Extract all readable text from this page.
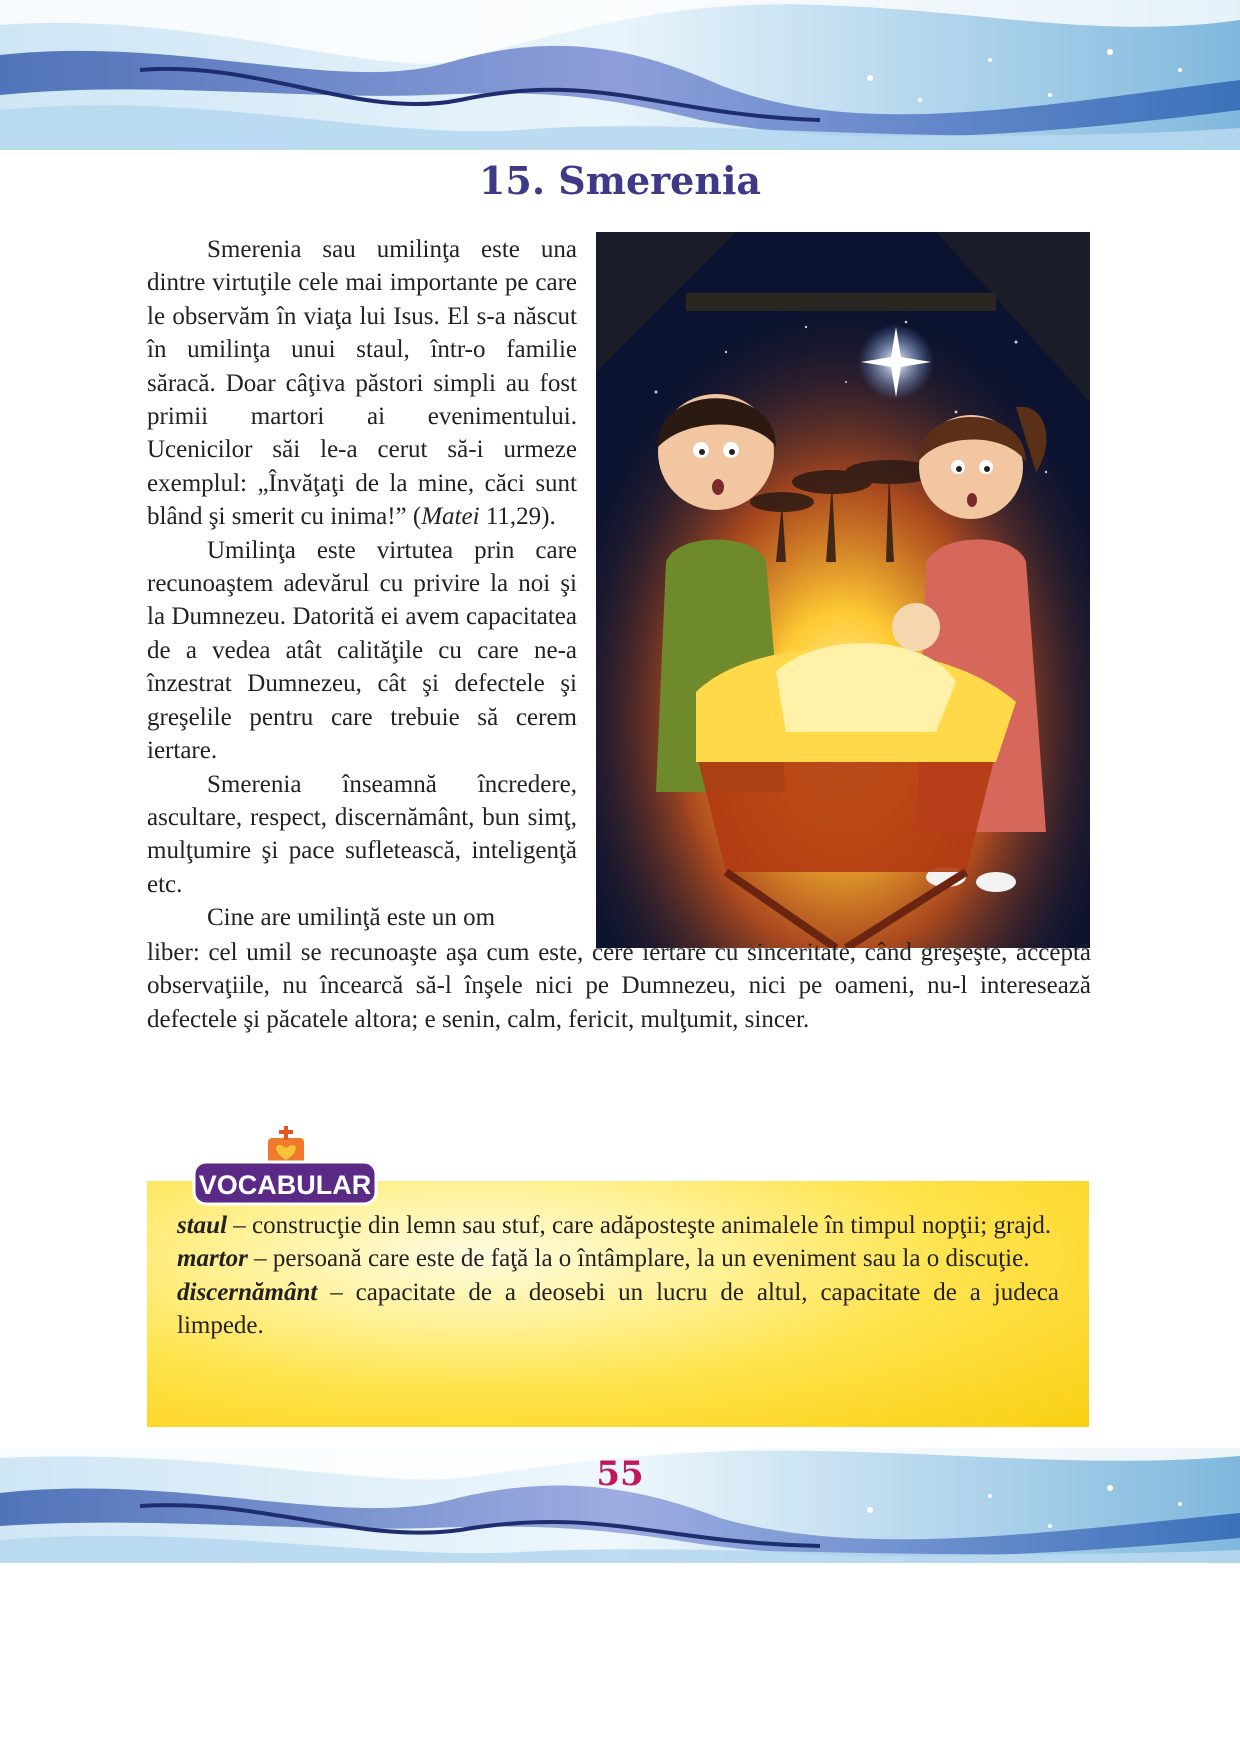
15. Smerenia

Smerenia sau umilinţa este una dintre virtuţile cele mai importante pe care le observăm în viaţa lui Isus. El s-a născut în umilinţa unui staul, într-o familie săracă. Doar câţiva păstori simpli au fost primii martori ai evenimentului. Ucenicilor săi le-a cerut să-i urmeze exemplul: „Învăţaţi de la mine, căci sunt blând şi smerit cu inima!” (Matei 11,29).

Umilinţa este virtutea prin care recunoaştem adevărul cu privire la noi şi la Dumnezeu. Datorită ei avem capacitatea de a vedea atât calităţile cu care ne-a înzestrat Dumnezeu, cât şi defectele şi greşelile pentru care trebuie să cerem iertare.

Smerenia înseamnă încredere, ascultare, respect, discernământ, bun simţ, mulţumire şi pace sufletească, inteligenţă etc.

Cine are umilinţă este un om

liber: cel umil se recunoaşte aşa cum este, cere iertare cu sinceritate, când greşeşte, acceptă observaţiile, nu încearcă să-l înşele nici pe Dumnezeu, nici pe oameni, nu-l interesează defectele şi păcatele altora; e senin, calm, fericit, mulţumit, sincer.

staul – construcţie din lemn sau stuf, care adăposteşte animalele în timpul nopţii; grajd.

martor – persoană care este de faţă la o întâmplare, la un eveniment sau la o discuţie.

discernământ – capacitate de a deosebi un lucru de altul, capacitate de a judeca limpede.

VOCABULAR
55
